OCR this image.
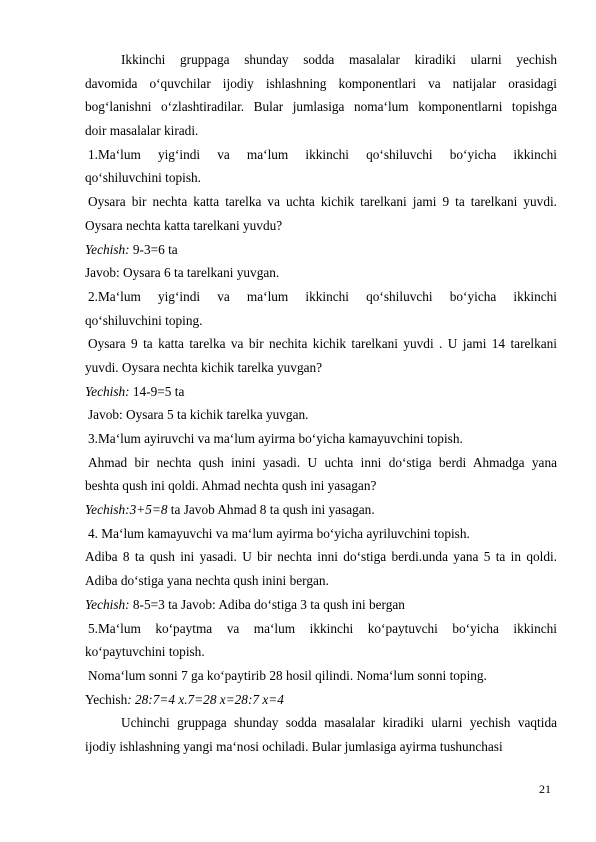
Ikkinchi gruppaga shunday sodda masalalar kiradiki ularni yechish
davomida o‘quvchilar ijodiy ishlashning komponentlari va natijalar orasidagi
bog‘lanishni o‘zlashtiradilar. Bular jumlasiga noma‘lum komponentlarni topishga
doir masalalar kiradi.
1.Ma‘lum yig‘indi va ma‘lum ikkinchi qo‘shiluvchi bo‘yicha ikkinchi
qo‘shiluvchini topish.
Oysara bir nechta katta tarelka va uchta kichik tarelkani jami 9 ta tarelkani yuvdi.
Oysara nechta katta tarelkani yuvdu?
Yechish: 9-3=6 ta
Javob: Oysara 6 ta tarelkani yuvgan.
2.Ma‘lum yig‘indi va ma‘lum ikkinchi qo‘shiluvchi bo‘yicha ikkinchi
qo‘shiluvchini toping.
Oysara 9 ta katta tarelka va bir nechita kichik tarelkani yuvdi . U jami 14 tarelkani
yuvdi. Oysara nechta kichik tarelka yuvgan?
Yechish: 14-9=5 ta
Javob: Oysara 5 ta kichik tarelka yuvgan.
3.Ma‘lum ayiruvchi va ma‘lum ayirma bo‘yicha kamayuvchini topish.
Ahmad bir nechta qush inini yasadi. U uchta inni do‘stiga berdi Ahmadga yana
beshta qush ini qoldi. Ahmad nechta qush ini yasagan?
Yechish:3+5=8 ta Javob Ahmad 8 ta qush ini yasagan.
4. Ma‘lum kamayuvchi va ma‘lum ayirma bo‘yicha ayriluvchini topish.
Adiba 8 ta qush ini yasadi. U bir nechta inni do‘stiga berdi.unda yana 5 ta in qoldi.
Adiba do‘stiga yana nechta qush inini bergan.
Yechish: 8-5=3 ta Javob: Adiba do‘stiga 3 ta qush ini bergan
5.Ma‘lum ko‘paytma va ma‘lum ikkinchi ko‘paytuvchi bo‘yicha ikkinchi
ko‘paytuvchini topish.
Noma‘lum sonni 7 ga ko‘paytirib 28 hosil qilindi. Noma‘lum sonni toping.
Yechish: 28:7=4 x.7=28 x=28:7 x=4
Uchinchi gruppaga shunday sodda masalalar kiradiki ularni yechish vaqtida
ijodiy ishlashning yangi ma‘nosi ochiladi. Bular jumlasiga ayirma tushunchasi
21
